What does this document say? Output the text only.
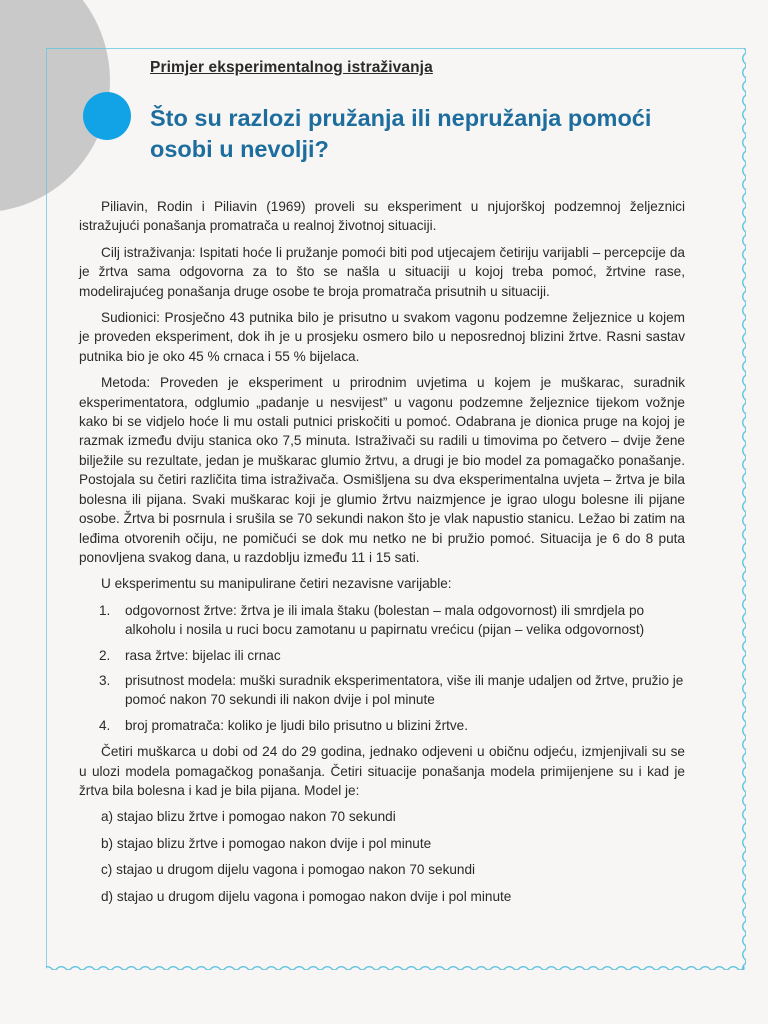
Primjer eksperimentalnog istraživanja
Što su razlozi pružanja ili nepružanja pomoći osobi u nevolji?

Piliavin, Rodin i Piliavin (1969) proveli su eksperiment u njujorškoj podzemnoj željeznici istražujući ponašanja promatrača u realnoj životnoj situaciji.

Cilj istraživanja: Ispitati hoće li pružanje pomoći biti pod utjecajem četiriju varijabli – percepcije da je žrtva sama odgovorna za to što se našla u situaciji u kojoj treba pomoć, žrtvine rase, modelirajućeg ponašanja druge osobe te broja promatrača prisutnih u situaciji.

Sudionici: Prosječno 43 putnika bilo je prisutno u svakom vagonu podzemne željeznice u kojem je proveden eksperiment, dok ih je u prosjeku osmero bilo u neposrednoj blizini žrtve. Rasni sastav putnika bio je oko 45 % crnaca i 55 % bijelaca.

Metoda: Proveden je eksperiment u prirodnim uvjetima u kojem je muškarac, suradnik eksperimentatora, odglumio „padanje u nesvijest” u vagonu podzemne željeznice tijekom vožnje kako bi se vidjelo hoće li mu ostali putnici priskočiti u pomoć. Odabrana je dionica pruge na kojoj je razmak između dviju stanica oko 7,5 minuta. Istraživači su radili u timovima po četvero – dvije žene bilježile su rezultate, jedan je muškarac glumio žrtvu, a drugi je bio model za pomagačko ponašanje. Postojala su četiri različita tima istraživača. Osmišljena su dva eksperimentalna uvjeta – žrtva je bila bolesna ili pijana. Svaki muškarac koji je glumio žrtvu naizmjence je igrao ulogu bolesne ili pijane osobe. Žrtva bi posrnula i srušila se 70 sekundi nakon što je vlak napustio stanicu. Ležao bi zatim na leđima otvorenih očiju, ne pomičući se dok mu netko ne bi pružio pomoć. Situacija je 6 do 8 puta ponovljena svakog dana, u razdoblju između 11 i 15 sati.

U eksperimentu su manipulirane četiri nezavisne varijable:

1. odgovornost žrtve: žrtva je ili imala štaku (bolestan – mala odgovornost) ili smrdjela po alkoholu i nosila u ruci bocu zamotanu u papirnatu vrećicu (pijan – velika odgovornost)
2. rasa žrtve: bijelac ili crnac
3. prisutnost modela: muški suradnik eksperimentatora, više ili manje udaljen od žrtve, pružio je pomoć nakon 70 sekundi ili nakon dvije i pol minute
4. broj promatrača: koliko je ljudi bilo prisutno u blizini žrtve.

Četiri muškarca u dobi od 24 do 29 godina, jednako odjeveni u običnu odjeću, izmjenjivali su se u ulozi modela pomagačkog ponašanja. Četiri situacije ponašanja modela primijenjene su i kad je žrtva bila bolesna i kad je bila pijana. Model je:

a) stajao blizu žrtve i pomogao nakon 70 sekundi
b) stajao blizu žrtve i pomogao nakon dvije i pol minute
c) stajao u drugom dijelu vagona i pomogao nakon 70 sekundi
d) stajao u drugom dijelu vagona i pomogao nakon dvije i pol minute
